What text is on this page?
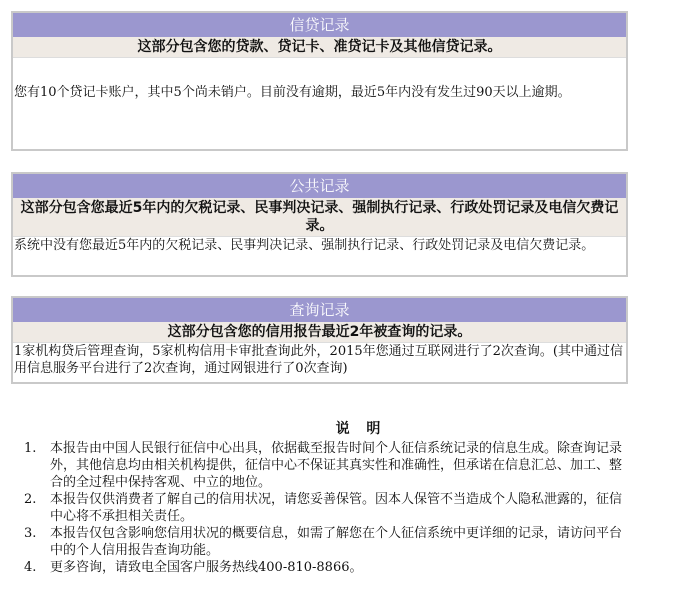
信贷记录
这部分包含您的贷款、贷记卡、准贷记卡及其他信贷记录。
您有10个贷记卡账户，其中5个尚未销户。目前没有逾期，最近5年内没有发生过90天以上逾期。
公共记录
这部分包含您最近5年内的欠税记录、民事判决记录、强制执行记录、行政处罚记录及电信欠费记录。
系统中没有您最近5年内的欠税记录、民事判决记录、强制执行记录、行政处罚记录及电信欠费记录。
查询记录
这部分包含您的信用报告最近2年被查询的记录。
1家机构贷后管理查询，5家机构信用卡审批查询此外，2015年您通过互联网进行了2次查询。(其中通过信用信息服务平台进行了2次查询，通过网银进行了0次查询)
说 明
1.	本报告由中国人民银行征信中心出具，依据截至报告时间个人征信系统记录的信息生成。除查询记录外，其他信息均由相关机构提供，征信中心不保证其真实性和准确性，但承诺在信息汇总、加工、整合的全过程中保持客观、中立的地位。
2.	本报告仅供消费者了解自己的信用状况，请您妥善保管。因本人保管不当造成个人隐私泄露的，征信中心将不承担相关责任。
3.	本报告仅包含影响您信用状况的概要信息，如需了解您在个人征信系统中更详细的记录，请访问平台中的个人信用报告查询功能。
4.	更多咨询，请致电全国客户服务热线400-810-8866。
